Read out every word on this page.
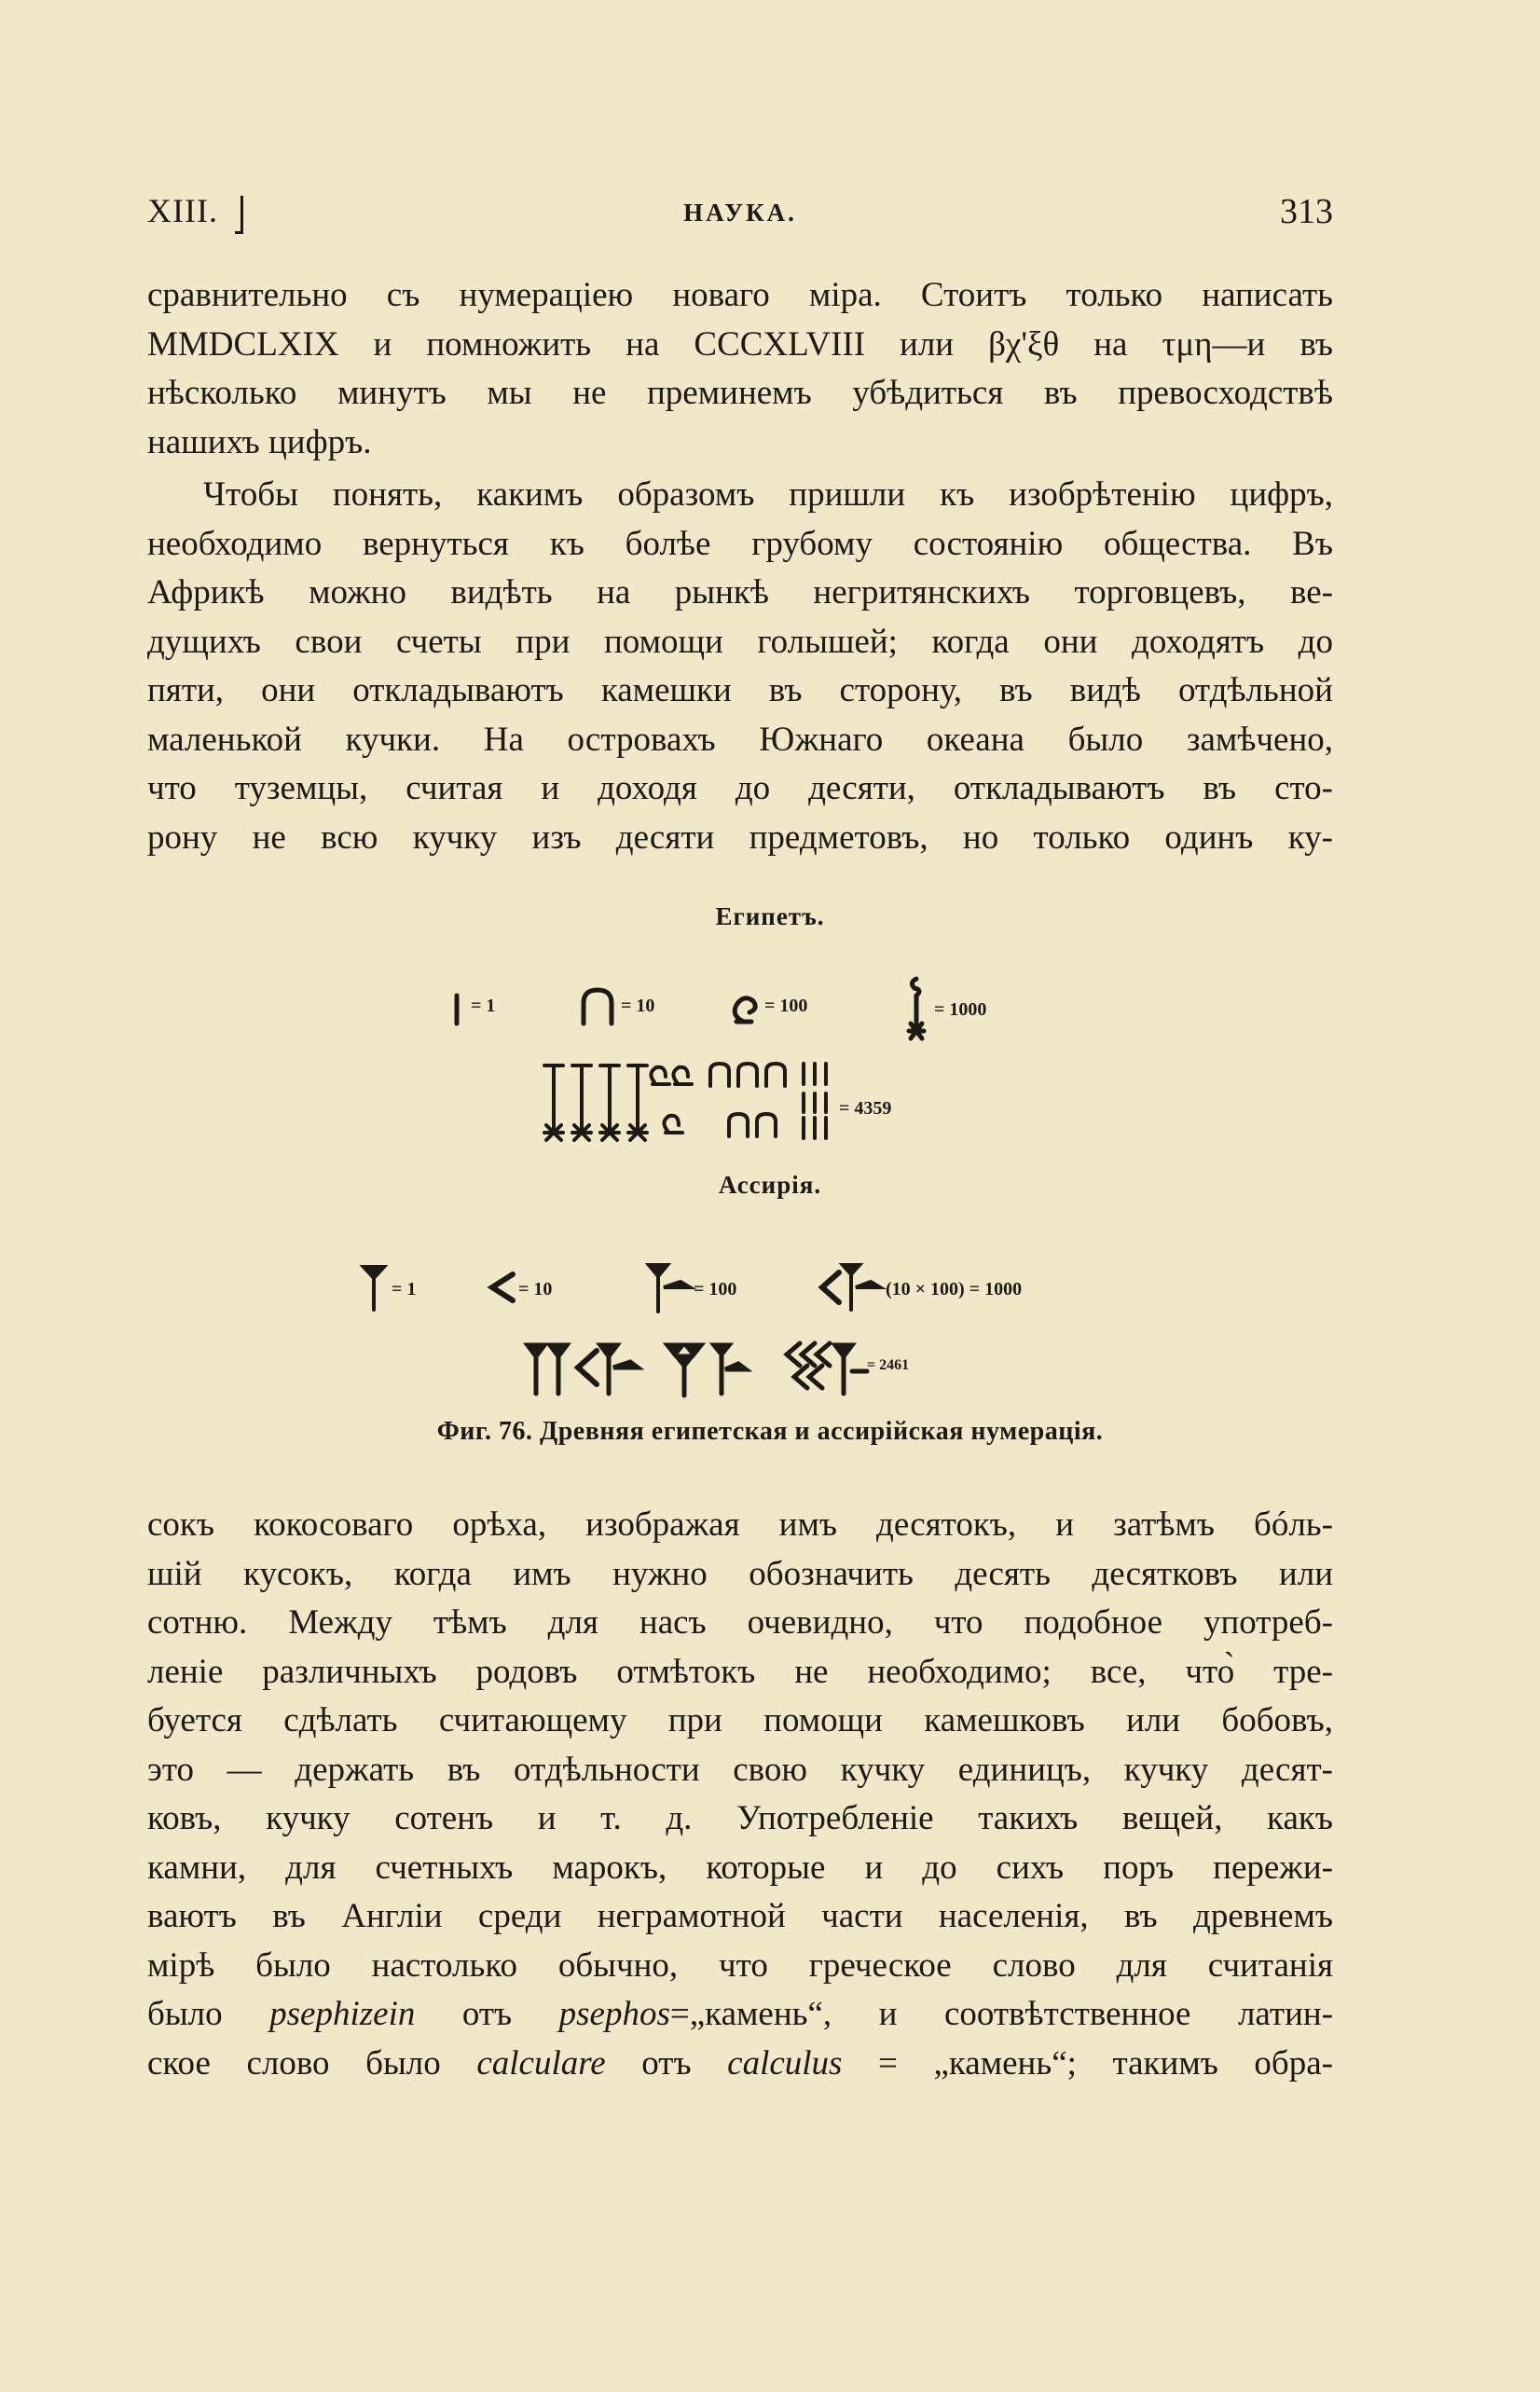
XIII.	НАУКА.	313
сравнительно съ нумераціею новаго міра. Стоитъ только написать
MMDCLXIX и помножить на CCCXLVIII или βχ'ξθ на τμη—и въ
нѣсколько минутъ мы не преминемъ убѣдиться въ превосходствѣ
нашихъ цифръ.
Чтобы понять, какимъ образомъ пришли къ изобрѣтенію цифръ,
необходимо вернуться къ болѣе грубому состоянію общества. Въ
Африкѣ можно видѣть на рынкѣ негритянскихъ торговцевъ, ве-
дущихъ свои счеты при помощи голышей; когда они доходятъ до
пяти, они откладываютъ камешки въ сторону, въ видѣ отдѣльной
маленькой кучки. На островахъ Южнаго океана было замѣчено,
что туземцы, считая и доходя до десяти, откладываютъ въ сто-
рону не всю кучку изъ десяти предметовъ, но только одинъ ку-
Египетъ.
= 1	= 10	= 100	= 1000
= 4359
Ассирія.
= 1	= 10	= 100	(10 × 100) = 1000
= 2461
Фиг. 76. Древняя египетская и ассирійская нумерація.
сокъ кокосоваго орѣха, изображая имъ десятокъ, и затѣмъ бóль-
шій кусокъ, когда имъ нужно обозначить десять десятковъ или
сотню. Между тѣмъ для насъ очевидно, что подобное употреб-
леніе различныхъ родовъ отмѣтокъ не необходимо; все, что̀ тре-
буется сдѣлать считающему при помощи камешковъ или бобовъ,
это — держать въ отдѣльности свою кучку единицъ, кучку десят-
ковъ, кучку сотенъ и т. д. Употребленіе такихъ вещей, какъ
камни, для счетныхъ марокъ, которые и до сихъ поръ пережи-
ваютъ въ Англіи среди неграмотной части населенія, въ древнемъ
мірѣ было настолько обычно, что греческое слово для считанія
было psephizein отъ psephos=„камень“, и соотвѣтственное латин-
ское слово было calculare отъ calculus = „камень“; такимъ обра-
